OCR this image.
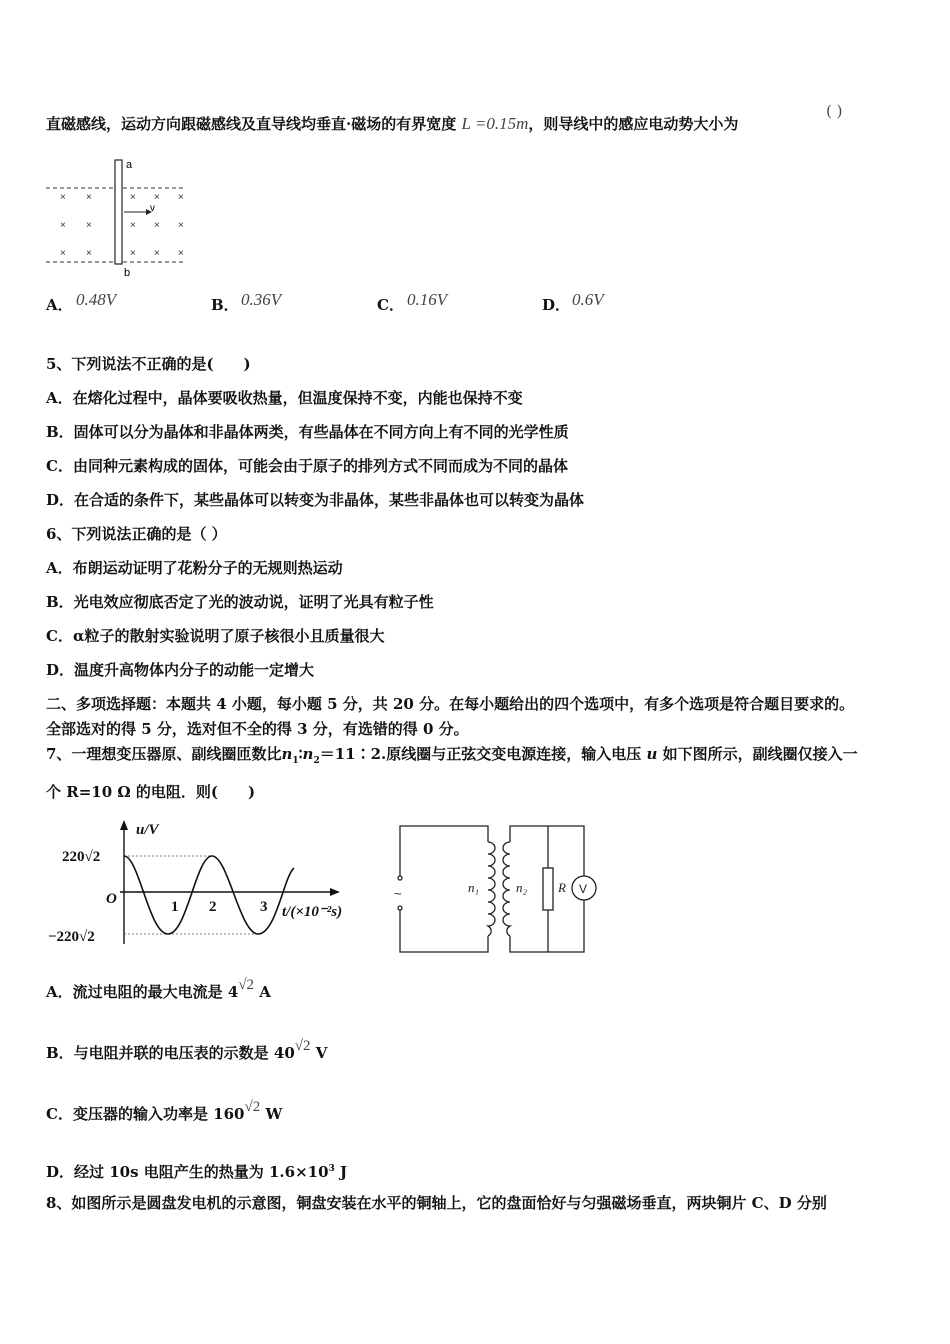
直磁感线，运动方向跟磁感线及直导线均垂直·磁场的有界宽度 L =0.15m，则导线中的感应电动势大小为
( )
a
b
v
× ×	× × ×
× ×	× × ×
× ×	× × ×
A． 0.48V	B． 0.36V	C． 0.16V	D． 0.6V
5、下列说法不正确的是(　　)
A．在熔化过程中，晶体要吸收热量，但温度保持不变，内能也保持不变
B．固体可以分为晶体和非晶体两类，有些晶体在不同方向上有不同的光学性质
C．由同种元素构成的固体，可能会由于原子的排列方式不同而成为不同的晶体
D．在合适的条件下，某些晶体可以转变为非晶体，某些非晶体也可以转变为晶体
6、下列说法正确的是（ ）
A．布朗运动证明了花粉分子的无规则热运动
B．光电效应彻底否定了光的波动说，证明了光具有粒子性
C．α粒子的散射实验说明了原子核很小且质量很大
D．温度升高物体内分子的动能一定增大
二、多项选择题：本题共 4 小题，每小题 5 分，共 20 分。在每小题给出的四个选项中，有多个选项是符合题目要求的。
全部选对的得 5 分，选对但不全的得 3 分，有选错的得 0 分。
7、一理想变压器原、副线圈匝数比$n_1∶n_2=11∶2$.原线圈与正弦交变电源连接，输入电压 u 如下图所示，副线圈仅接入一
个 R=10 Ω 的电阻．则(　　)
u/V
220√2
O
−220√2
t/(×10⁻²s)
1 2	3
n₁	n₂ R V
~
A．流过电阻的最大电流是 4√2 A
B．与电阻并联的电压表的示数是 40√2 V
C．变压器的输入功率是 160√2 W
D．经过 10s 电阻产生的热量为 $1.6\times 10^3$ J
8、如图所示是圆盘发电机的示意图，铜盘安装在水平的铜轴上，它的盘面恰好与匀强磁场垂直，两块铜片 C、D 分别
